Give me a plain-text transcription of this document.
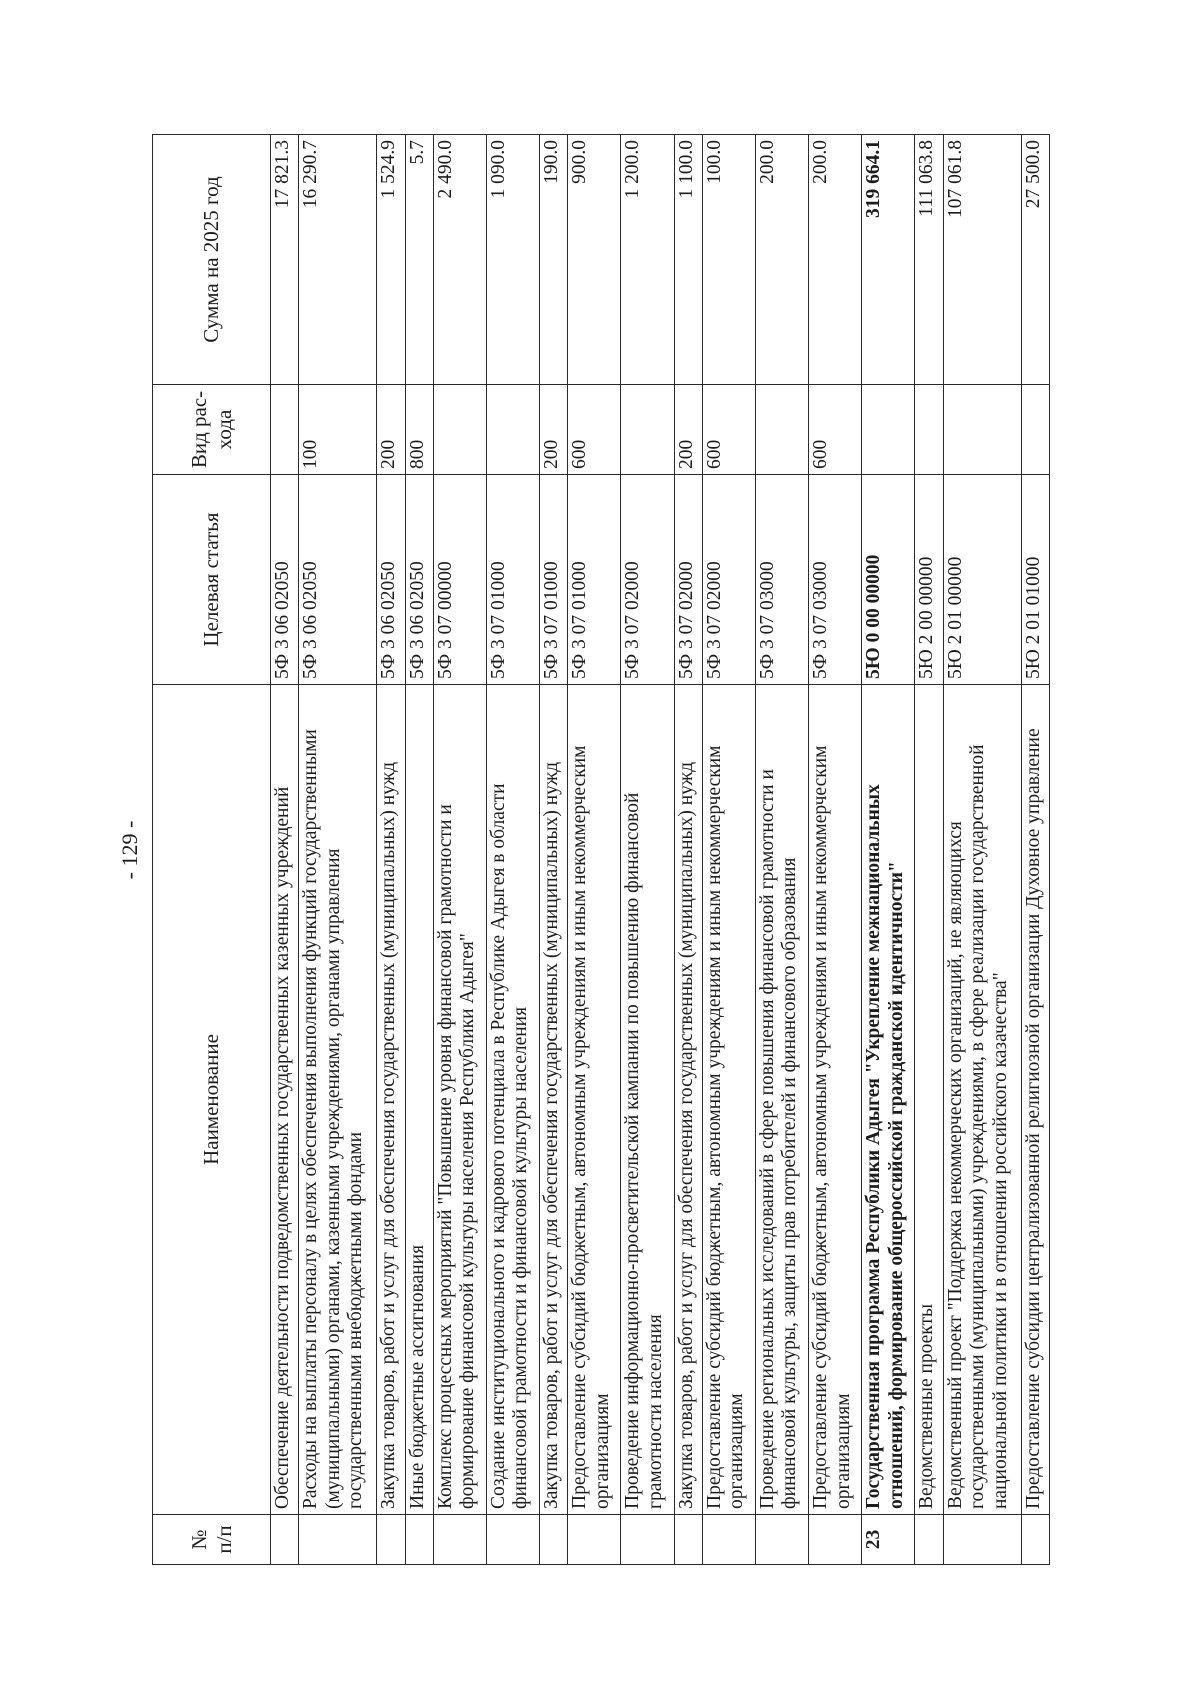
- 129 -
№ п/п	Наименование	Целевая статья	Вид рас-хода	Сумма на 2025 год
	Обеспечение деятельности подведомственных государственных казенных учреждений	5Ф 3 06 02050		17 821.3
	Расходы на выплаты персоналу в целях обеспечения выполнения функций государственными (муниципальными) органами, казенными учреждениями, органами управления государственными внебюджетными фондами	5Ф 3 06 02050	100	16 290.7
	Закупка товаров, работ и услуг для обеспечения государственных (муниципальных) нужд	5Ф 3 06 02050	200	1 524.9
	Иные бюджетные ассигнования	5Ф 3 06 02050	800	5.7
	Комплекс процессных мероприятий "Повышение уровня финансовой грамотности и формирование финансовой культуры населения Республики Адыгея"	5Ф 3 07 00000		2 490.0
	Создание институционального и кадрового потенциала в Республике Адыгея в области финансовой грамотности и финансовой культуры населения	5Ф 3 07 01000		1 090.0
	Закупка товаров, работ и услуг для обеспечения государственных (муниципальных) нужд	5Ф 3 07 01000	200	190.0
	Предоставление субсидий бюджетным, автономным учреждениям и иным некоммерческим организациям	5Ф 3 07 01000	600	900.0
	Проведение информационно-просветительской кампании по повышению финансовой грамотности населения	5Ф 3 07 02000		1 200.0
	Закупка товаров, работ и услуг для обеспечения государственных (муниципальных) нужд	5Ф 3 07 02000	200	1 100.0
	Предоставление субсидий бюджетным, автономным учреждениям и иным некоммерческим организациям	5Ф 3 07 02000	600	100.0
	Проведение региональных исследований в сфере повышения финансовой грамотности и финансовой культуры, защиты прав потребителей и финансового образования	5Ф 3 07 03000		200.0
	Предоставление субсидий бюджетным, автономным учреждениям и иным некоммерческим организациям	5Ф 3 07 03000	600	200.0
23	Государственная программа Республики Адыгея "Укрепление межнациональных отношений, формирование общероссийской гражданской идентичности"	5Ю 0 00 00000		319 664.1
	Ведомственные проекты	5Ю 2 00 00000		111 063.8
	Ведомственный проект "Поддержка некоммерческих организаций, не являющихся государственными (муниципальными) учреждениями, в сфере реализации государственной национальной политики и в отношении российского казачества"	5Ю 2 01 00000		107 061.8
	Предоставление субсидии централизованной религиозной организации Духовное управление	5Ю 2 01 01000		27 500.0
